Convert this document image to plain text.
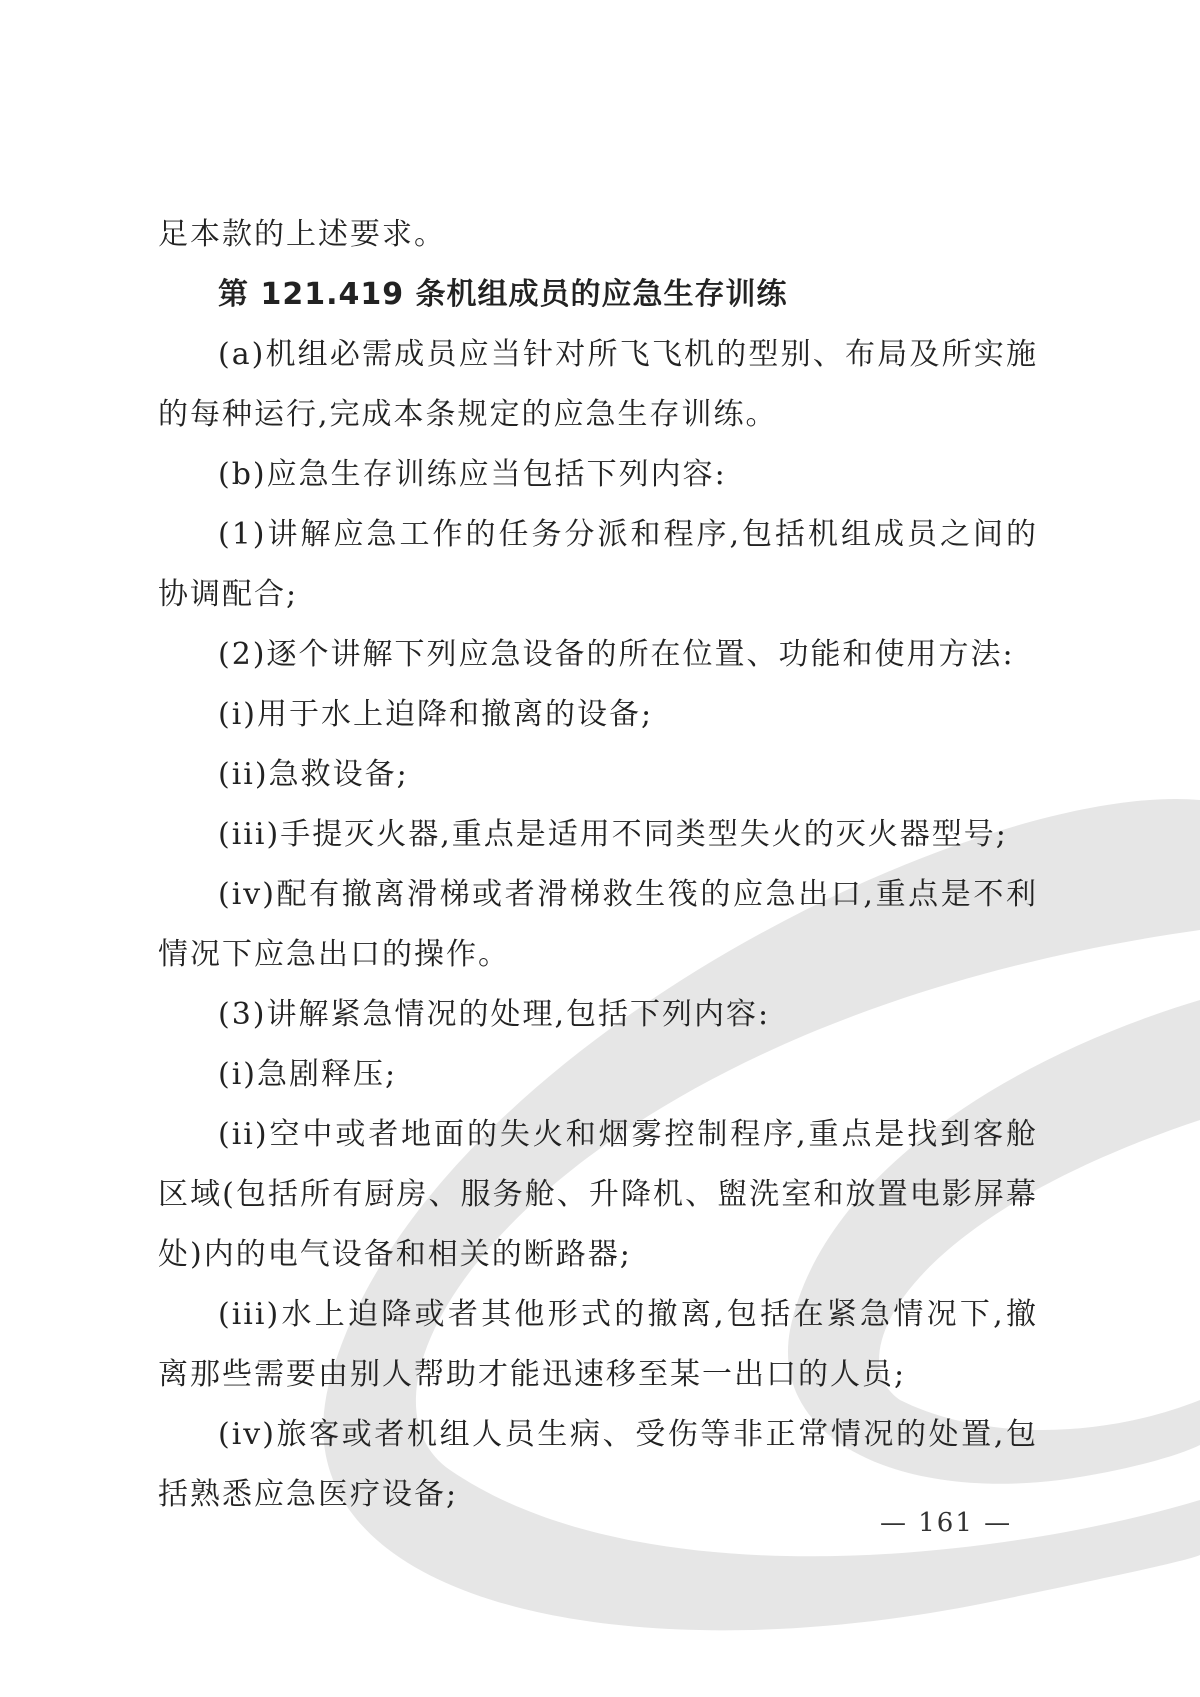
足本款的上述要求。

第 121.419 条机组成员的应急生存训练

(a)机组必需成员应当针对所飞飞机的型别、布局及所实施的每种运行,完成本条规定的应急生存训练。

(b)应急生存训练应当包括下列内容:

(1)讲解应急工作的任务分派和程序,包括机组成员之间的协调配合;

(2)逐个讲解下列应急设备的所在位置、功能和使用方法:

(i)用于水上迫降和撤离的设备;

(ii)急救设备;

(iii)手提灭火器,重点是适用不同类型失火的灭火器型号;

(iv)配有撤离滑梯或者滑梯救生筏的应急出口,重点是不利情况下应急出口的操作。

(3)讲解紧急情况的处理,包括下列内容:

(i)急剧释压;

(ii)空中或者地面的失火和烟雾控制程序,重点是找到客舱区域(包括所有厨房、服务舱、升降机、盥洗室和放置电影屏幕处)内的电气设备和相关的断路器;

(iii)水上迫降或者其他形式的撤离,包括在紧急情况下,撤离那些需要由别人帮助才能迅速移至某一出口的人员;

(iv)旅客或者机组人员生病、受伤等非正常情况的处置,包括熟悉应急医疗设备;

— 161 —
